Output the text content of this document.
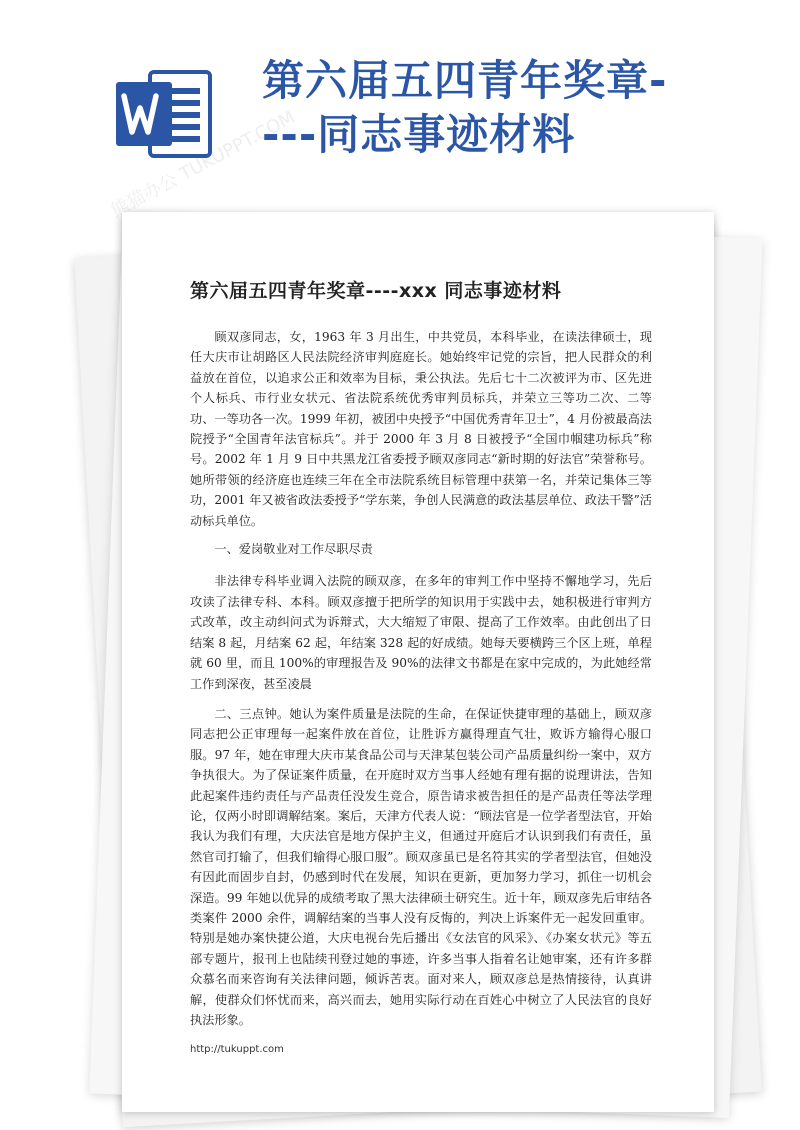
第六届五四青年奖章----同志事迹材料
第六届五四青年奖章----xxx 同志事迹材料

顾双彦同志，女，1963 年 3 月出生，中共党员，本科毕业，在读法律硕士，现任大庆市让胡路区人民法院经济审判庭庭长。她始终牢记党的宗旨，把人民群众的利益放在首位，以追求公正和效率为目标，秉公执法。先后七十二次被评为市、区先进个人标兵、市行业女状元、省法院系统优秀审判员标兵，并荣立三等功二次、二等功、一等功各一次。1999 年初，被团中央授予“中国优秀青年卫士”，4 月份被最高法院授予“全国青年法官标兵”。并于 2000 年 3 月 8 日被授予“全国巾帼建功标兵”称号。2002 年 1 月 9 日中共黑龙江省委授予顾双彦同志“新时期的好法官”荣誉称号。她所带领的经济庭也连续三年在全市法院系统目标管理中获第一名，并荣记集体三等功，2001 年又被省政法委授予“学东莱，争创人民满意的政法基层单位、政法干警”活动标兵单位。

一、爱岗敬业对工作尽职尽责

非法律专科毕业调入法院的顾双彦，在多年的审判工作中坚持不懈地学习，先后攻读了法律专科、本科。顾双彦擅于把所学的知识用于实践中去，她积极进行审判方式改革，改主动纠问式为诉辩式，大大缩短了审限、提高了工作效率。由此创出了日结案 8 起，月结案 62 起，年结案 328 起的好成绩。她每天要横跨三个区上班，单程就 60 里，而且 100%的审理报告及 90%的法律文书都是在家中完成的，为此她经常工作到深夜，甚至凌晨

二、三点钟。她认为案件质量是法院的生命，在保证快捷审理的基础上，顾双彦同志把公正审理每一起案件放在首位，让胜诉方赢得理直气壮，败诉方输得心服口服。97 年，她在审理大庆市某食品公司与天津某包装公司产品质量纠纷一案中，双方争执很大。为了保证案件质量，在开庭时双方当事人经她有理有据的说理讲法，告知此起案件违约责任与产品责任没发生竞合，原告请求被告担任的是产品责任等法学理论，仅两小时即调解结案。案后，天津方代表人说：“顾法官是一位学者型法官，开始我认为我们有理，大庆法官是地方保护主义，但通过开庭后才认识到我们有责任，虽然官司打输了，但我们输得心服口服”。顾双彦虽已是名符其实的学者型法官，但她没有因此而固步自封，仍感到时代在发展，知识在更新，更加努力学习，抓住一切机会深造。99 年她以优异的成绩考取了黑大法律硕士研究生。近十年，顾双彦先后审结各类案件 2000 余件，调解结案的当事人没有反悔的，判决上诉案件无一起发回重审。特别是她办案快捷公道，大庆电视台先后播出《女法官的风采》、《办案女状元》等五部专题片，报刊上也陆续刊登过她的事迹，许多当事人指着名让她审案，还有许多群众慕名而来咨询有关法律问题，倾诉苦衷。面对来人，顾双彦总是热情接待，认真讲解，使群众们怀忧而来，高兴而去，她用实际行动在百姓心中树立了人民法官的良好执法形象。

http://tukuppt.com
熊猫办公 TUKUPPT.COM
